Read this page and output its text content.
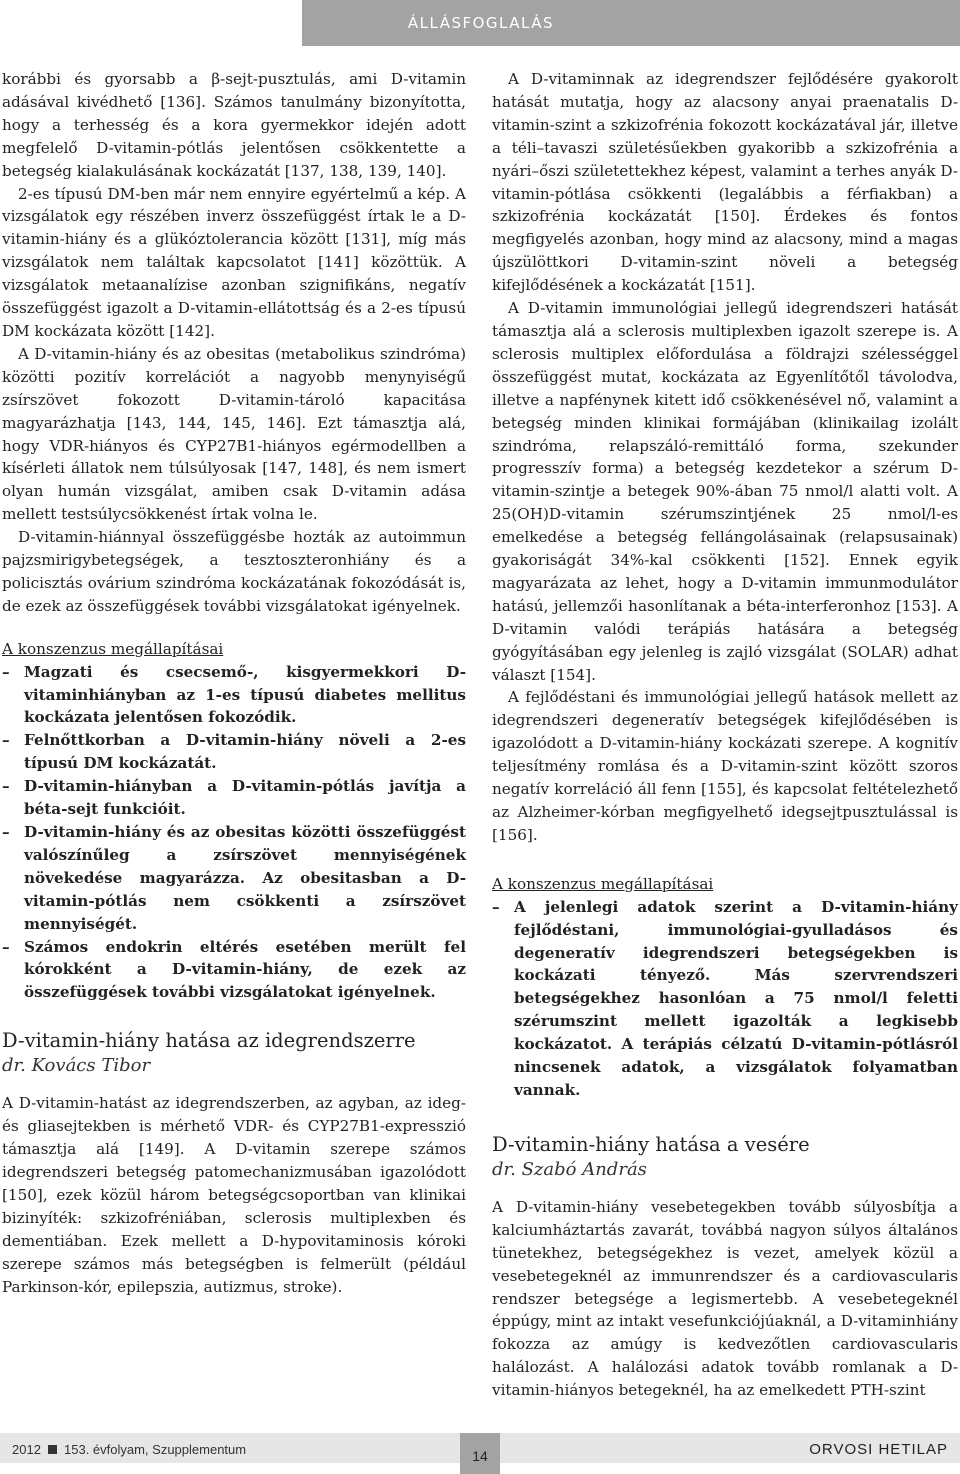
ÁLLÁSFOGLALÁS

korábbi és gyorsabb a β-sejt-pusztulás, ami D-vitamin adásával kivédhető [136]. Számos tanulmány bizonyította, hogy a terhesség és a kora gyermekkor idején adott megfelelő D-vitamin-pótlás jelentősen csökkentette a betegség kialakulásának kockázatát [137, 138, 139, 140].

2-es típusú DM-ben már nem ennyire egyértelmű a kép. A vizsgálatok egy részében inverz összefüggést írtak le a D-vitamin-hiány és a glükóztolerancia között [131], míg más vizsgálatok nem találtak kapcsolatot [141] közöttük. A vizsgálatok metaanalízise azonban szignifikáns, negatív összefüggést igazolt a D-vitamin-ellátottság és a 2-es típusú DM kockázata között [142].

A D-vitamin-hiány és az obesitas (metabolikus szindróma) közötti pozitív korrelációt a nagyobb menynyiségű zsírszövet fokozott D-vitamin-tároló kapacitása magyarázhatja [143, 144, 145, 146]. Ezt támasztja alá, hogy VDR-hiányos és CYP27B1-hiányos egérmodellben a kísérleti állatok nem túlsúlyosak [147, 148], és nem ismert olyan humán vizsgálat, amiben csak D-vitamin adása mellett testsúlycsökkenést írtak volna le.

D-vitamin-hiánnyal összefüggésbe hozták az autoimmun pajzsmirigybetegségek, a tesztoszteronhiány és a policisztás ovárium szindróma kockázatának fokozódását is, de ezek az összefüggések további vizsgálatokat igényelnek.

A konszenzus megállapításai

– Magzati és csecsemő-, kisgyermekkori D-vitaminhiányban az 1-es típusú diabetes mellitus kockázata jelentősen fokozódik.
– Felnőttkorban a D-vitamin-hiány növeli a 2-es típusú DM kockázatát.
– D-vitamin-hiányban a D-vitamin-pótlás javítja a béta-sejt funkcióit.
– D-vitamin-hiány és az obesitas közötti összefüggést valószínűleg a zsírszövet mennyiségének növekedése magyarázza. Az obesitasban a D-vitamin-pótlás nem csökkenti a zsírszövet mennyiségét.
– Számos endokrin eltérés esetében merült fel kórokként a D-vitamin-hiány, de ezek az összefüggések további vizsgálatokat igényelnek.
D-vitamin-hiány hatása az idegrendszerre

dr. Kovács Tibor

A D-vitamin-hatást az idegrendszerben, az agyban, az ideg- és gliasejtekben is mérhető VDR- és CYP27B1-expresszió támasztja alá [149]. A D-vitamin szerepe számos idegrendszeri betegség patomechanizmusában igazolódott [150], ezek közül három betegségcsoportban van klinikai bizinyíték: szkizofréniában, sclerosis multiplexben és dementiában. Ezek mellett a D-hypovitaminosis kóroki szerepe számos más betegségben is felmerült (például Parkinson-kór, epilepszia, autizmus, stroke).

A D-vitaminnak az idegrendszer fejlődésére gyakorolt hatását mutatja, hogy az alacsony anyai praenatalis D-vitamin-szint a szkizofrénia fokozott kockázatával jár, illetve a téli–tavaszi születésűekben gyakoribb a szkizofrénia a nyári–őszi születettekhez képest, valamint a terhes anyák D-vitamin-pótlása csökkenti (legalábbis a férfiakban) a szkizofrénia kockázatát [150]. Érdekes és fontos megfigyelés azonban, hogy mind az alacsony, mind a magas újszülöttkori D-vitamin-szint növeli a betegség kifejlődésének a kockázatát [151].

A D-vitamin immunológiai jellegű idegrendszeri hatását támasztja alá a sclerosis multiplexben igazolt szerepe is. A sclerosis multiplex előfordulása a földrajzi szélességgel összefüggést mutat, kockázata az Egyenlítőtől távolodva, illetve a napfénynek kitett idő csökkenésével nő, valamint a betegség minden klinikai formájában (klinikailag izolált szindróma, relapszáló-remittáló forma, szekunder progresszív forma) a betegség kezdetekor a szérum D-vitamin-szintje a betegek 90%-ában 75 nmol/l alatti volt. A 25(OH)D-vitamin szérumszintjének 25 nmol/l-es emelkedése a betegség fellángolásainak (relapsusainak) gyakoriságát 34%-kal csökkenti [152]. Ennek egyik magyarázata az lehet, hogy a D-vitamin immunmodulátor hatású, jellemzői hasonlítanak a béta-interferonhoz [153]. A D-vitamin valódi terápiás hatására a betegség gyógyításában egy jelenleg is zajló vizsgálat (SOLAR) adhat választ [154].

A fejlődéstani és immunológiai jellegű hatások mellett az idegrendszeri degeneratív betegségek kifejlődésében is igazolódott a D-vitamin-hiány kockázati szerepe. A kognitív teljesítmény romlása és a D-vitamin-szint között szoros negatív korreláció áll fenn [155], és kapcsolat feltételezhető az Alzheimer-kórban megfigyelhető idegsejtpusztulással is [156].

A konszenzus megállapításai

– A jelenlegi adatok szerint a D-vitamin-hiány fejlődéstani, immunológiai-gyulladásos és degeneratív idegrendszeri betegségekben is kockázati tényező. Más szervrendszeri betegségekhez hasonlóan a 75 nmol/l feletti szérumszint mellett igazolták a legkisebb kockázatot. A terápiás célzatú D-vitamin-pótlásról nincsenek adatok, a vizsgálatok folyamatban vannak.
D-vitamin-hiány hatása a vesére

dr. Szabó András

A D-vitamin-hiány vesebetegekben tovább súlyosbítja a kalciumháztartás zavarát, továbbá nagyon súlyos általános tünetekhez, betegségekhez is vezet, amelyek közül a vesebetegeknél az immunrendszer és a cardiovascularis rendszer betegsége a legismertebb. A vesebetegeknél éppúgy, mint az intakt vesefunkciójúaknál, a D-vitaminhiány fokozza az amúgy is kedvezőtlen cardiovascularis halálozást. A halálozási adatok tovább romlanak a D-vitamin-hiányos betegeknél, ha az emelkedett PTH-szint

2012 153. évfolyam, Szupplementum	14	ORVOSI HETILAP
